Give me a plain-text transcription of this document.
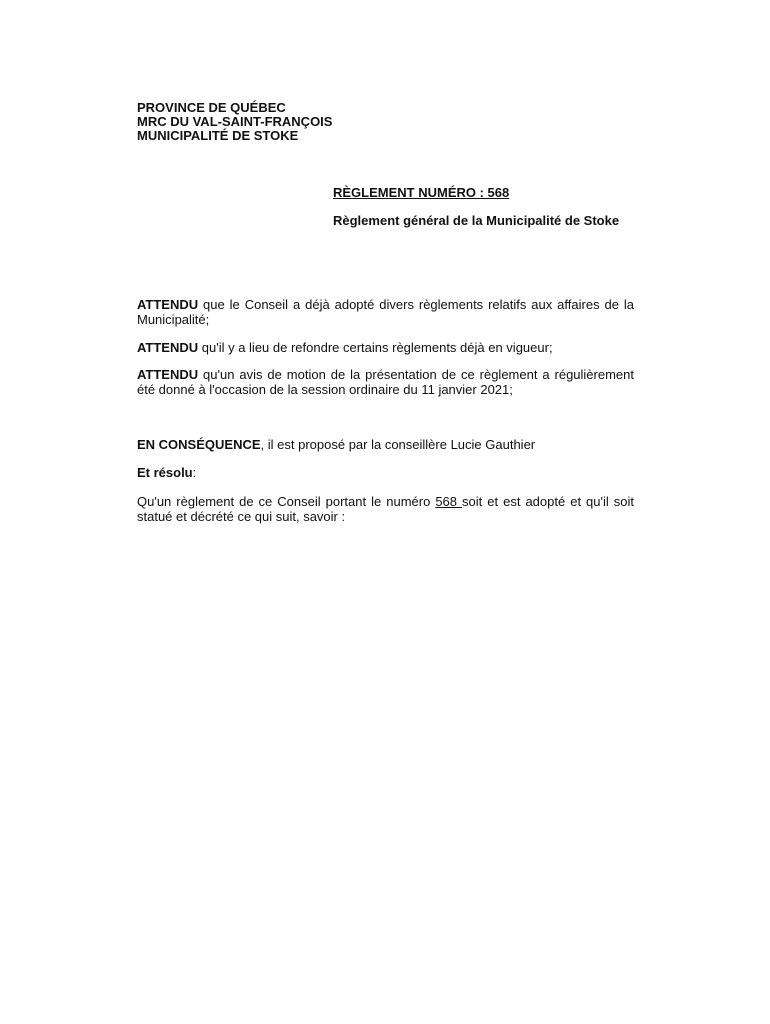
PROVINCE DE QUÉBEC
MRC DU VAL-SAINT-FRANÇOIS
MUNICIPALITÉ DE STOKE
RÈGLEMENT NUMÉRO : 568
Règlement général de la Municipalité de Stoke
ATTENDU que le Conseil a déjà adopté divers règlements relatifs aux affaires de la Municipalité;
ATTENDU qu'il y a lieu de refondre certains règlements déjà en vigueur;
ATTENDU qu'un avis de motion de la présentation de ce règlement a régulièrement été donné à l'occasion de la session ordinaire du 11 janvier 2021;
EN CONSÉQUENCE, il est proposé par la conseillère Lucie Gauthier
Et résolu:
Qu'un règlement de ce Conseil portant le numéro 568 soit et est adopté et qu'il soit statué et décrété ce qui suit, savoir :
